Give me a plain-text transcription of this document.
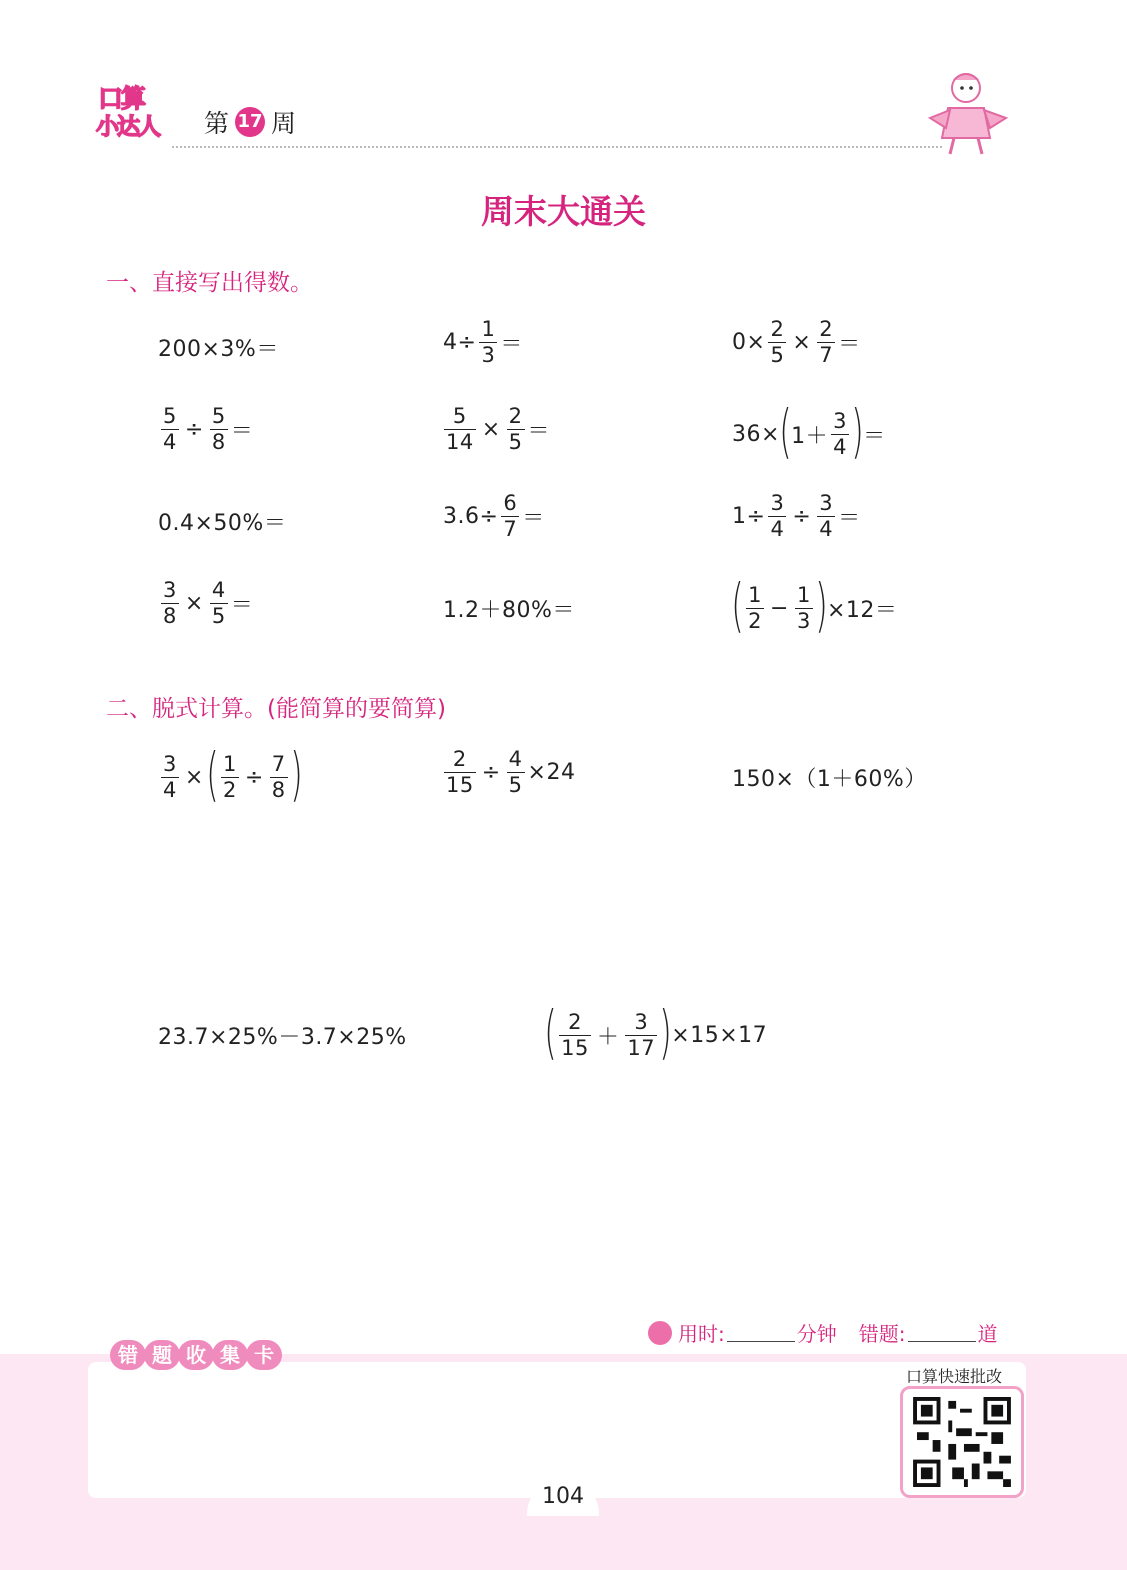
口算
小达人 第 17 周
周末大通关
一、直接写出得数。
200×3%＝	$4\div \frac{1}{3}$ ＝	$0\times \frac{2}{5} \times \frac{2}{7}$ ＝
$\frac{5}{4} \div \frac{5}{8}$ ＝	$\frac{5}{14} \times \frac{2}{5}$ ＝	36× ( $1+ \frac{3}{4}$ ) ＝
0.4×50%＝	$3.6\div \frac{6}{7}$ ＝	$1\div \frac{3}{4} \div \frac{3}{4}$ ＝
$\frac{3}{8} \times \frac{4}{5}$ ＝	1.2＋80%＝	( $\frac{1}{2} - \frac{1}{3}$ ) ×12＝
二、脱式计算。(能简算的要简算)
$\frac{3}{4}$ × ( $\frac{1}{2} \div \frac{7}{8}$ )	$\frac{2}{15} \div \frac{4}{5} \times 24$	150×（1＋60%）
23.7×25%－3.7×25% ( $\frac{2}{15} + \frac{3}{17}$ ) ×15×17
用时:	分钟 错题:	道
错 题 收 集 卡
口算快速批改
104
